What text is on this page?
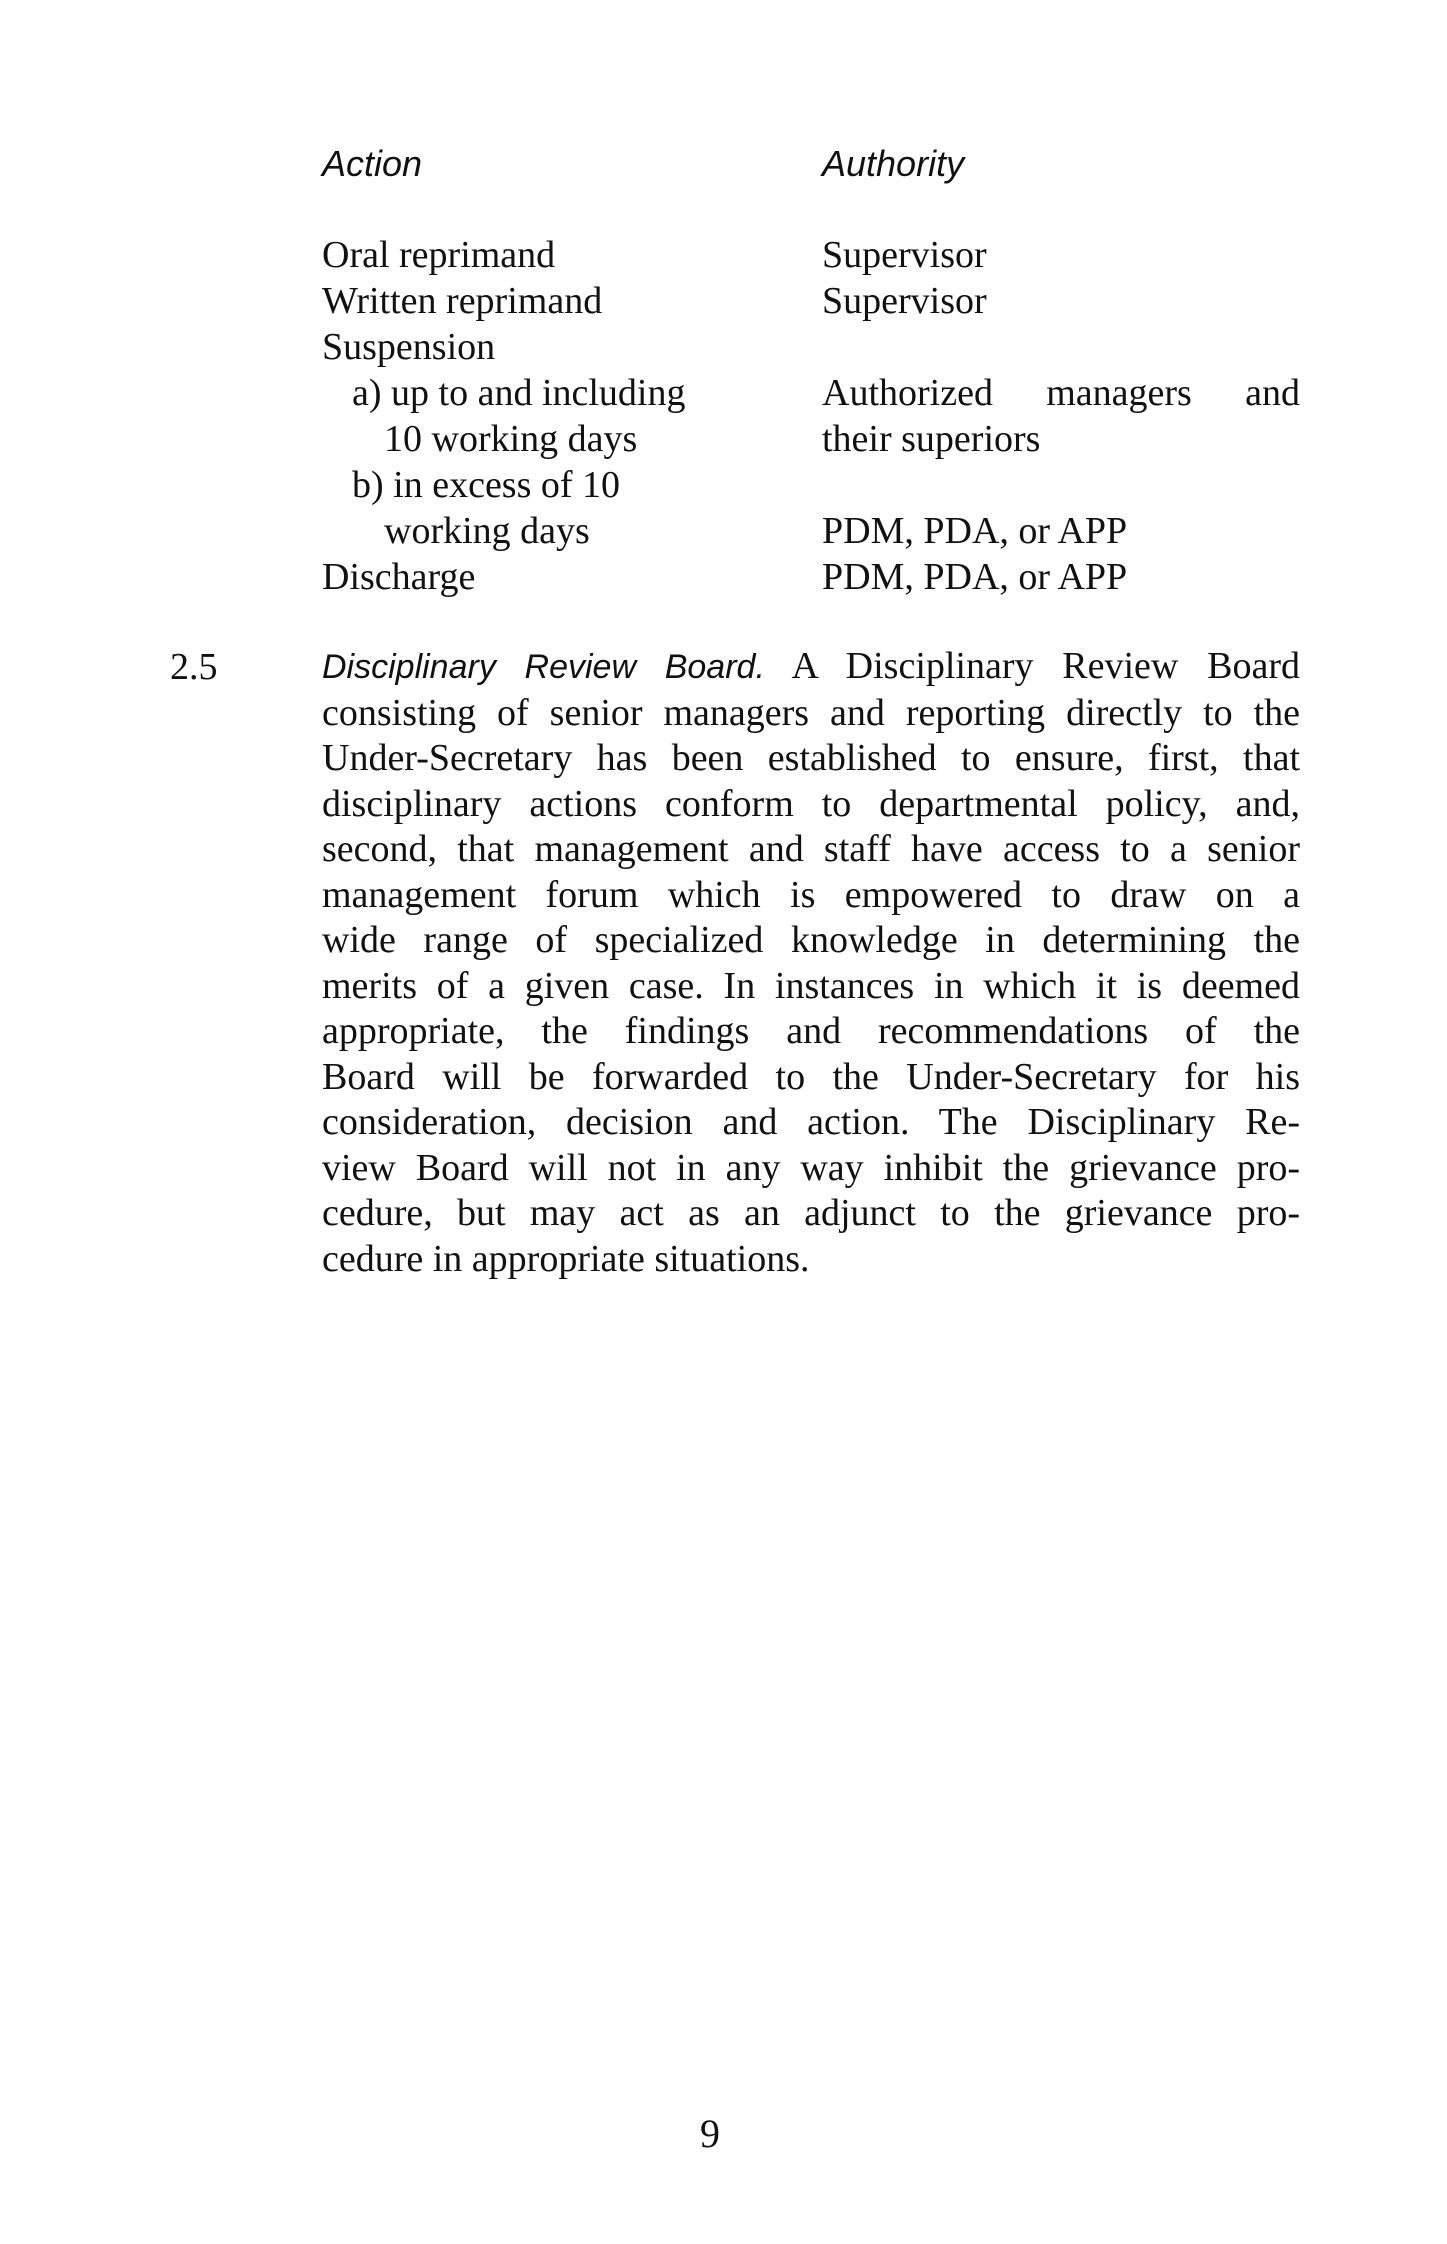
Action	Authority
Oral reprimand	Supervisor
Written reprimand	Supervisor
Suspension
a) up to and including	Authorized managers and
10 working days	their superiors
b) in excess of 10
working days	PDM, PDA, or APP
Discharge	PDM, PDA, or APP
2.5	Disciplinary Review Board. A Disciplinary Review Board
consisting of senior managers and reporting directly to the
Under-Secretary has been established to ensure, first, that
disciplinary actions conform to departmental policy, and,
second, that management and staff have access to a senior
management forum which is empowered to draw on a
wide range of specialized knowledge in determining the
merits of a given case. In instances in which it is deemed
appropriate, the findings and recommendations of the
Board will be forwarded to the Under-Secretary for his
consideration, decision and action. The Disciplinary Re-
view Board will not in any way inhibit the grievance pro-
cedure, but may act as an adjunct to the grievance pro-
cedure in appropriate situations.
9
